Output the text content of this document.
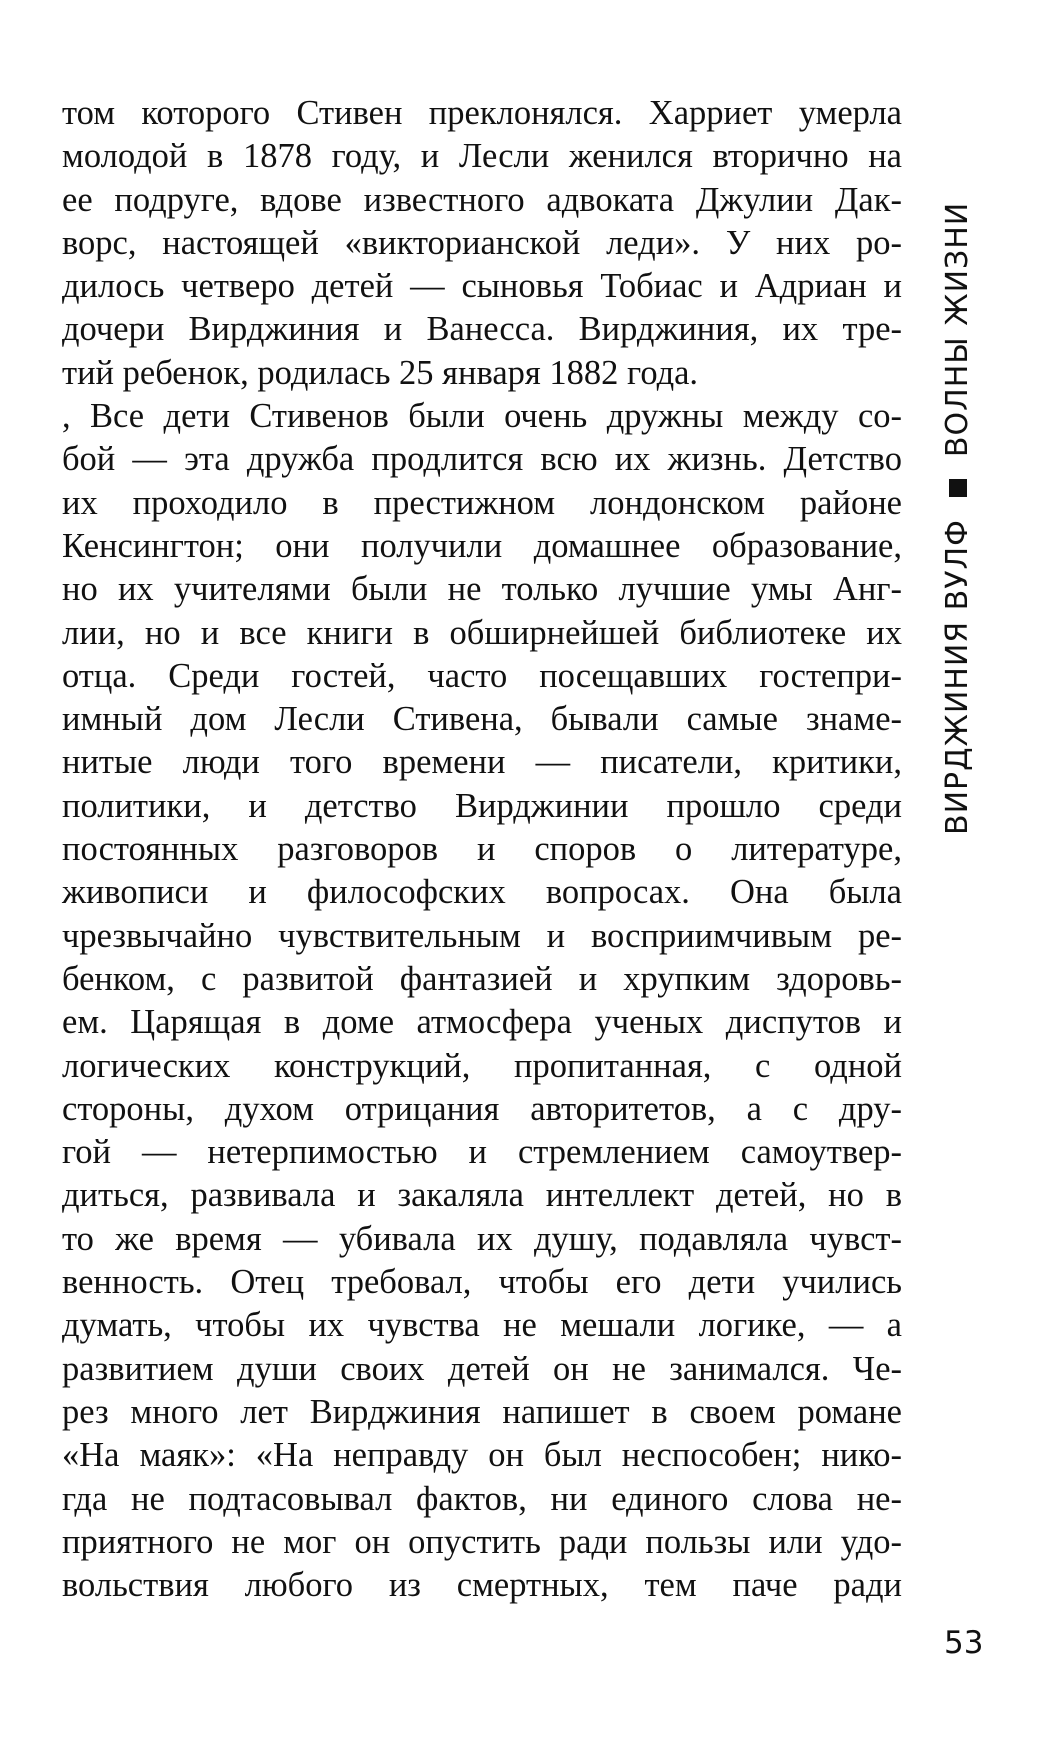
том которого Стивен преклонялся. Харриет умерла
молодой в 1878 году, и Лесли женился вторично на
ее подруге, вдове известного адвоката Джулии Дак-
ворс, настоящей «викторианской леди». У них ро-
дилось четверо детей — сыновья Тобиас и Адриан и
дочери Вирджиния и Ванесса. Вирджиния, их тре-
тий ребенок, родилась 25 января 1882 года.
, Все дети Стивенов были очень дружны между со-
бой — эта дружба продлится всю их жизнь. Детство
их проходило в престижном лондонском районе
Кенсингтон; они получили домашнее образование,
но их учителями были не только лучшие умы Анг-
лии, но и все книги в обширнейшей библиотеке их
отца. Среди гостей, часто посещавших гостепри-
имный дом Лесли Стивена, бывали самые знаме-
нитые люди того времени — писатели, критики,
политики, и детство Вирджинии прошло среди
постоянных разговоров и споров о литературе,
живописи и философских вопросах. Она была
чрезвычайно чувствительным и восприимчивым ре-
бенком, с развитой фантазией и хрупким здоровь-
ем. Царящая в доме атмосфера ученых диспутов и
логических конструкций, пропитанная, с одной
стороны, духом отрицания авторитетов, а с дру-
гой — нетерпимостью и стремлением самоутвер-
диться, развивала и закаляла интеллект детей, но в
то же время — убивала их душу, подавляла чувст-
венность. Отец требовал, чтобы его дети учились
думать, чтобы их чувства не мешали логике, — а
развитием души своих детей он не занимался. Че-
рез много лет Вирджиния напишет в своем романе
«На маяк»: «На неправду он был неспособен; нико-
гда не подтасовывал фактов, ни единого слова не-
приятного не мог он опустить ради пользы или удо-
вольствия любого из смертных, тем паче ради
ВИРДЖИНИЯ ВУЛФ
ВОЛНЫ ЖИЗНИ
53
